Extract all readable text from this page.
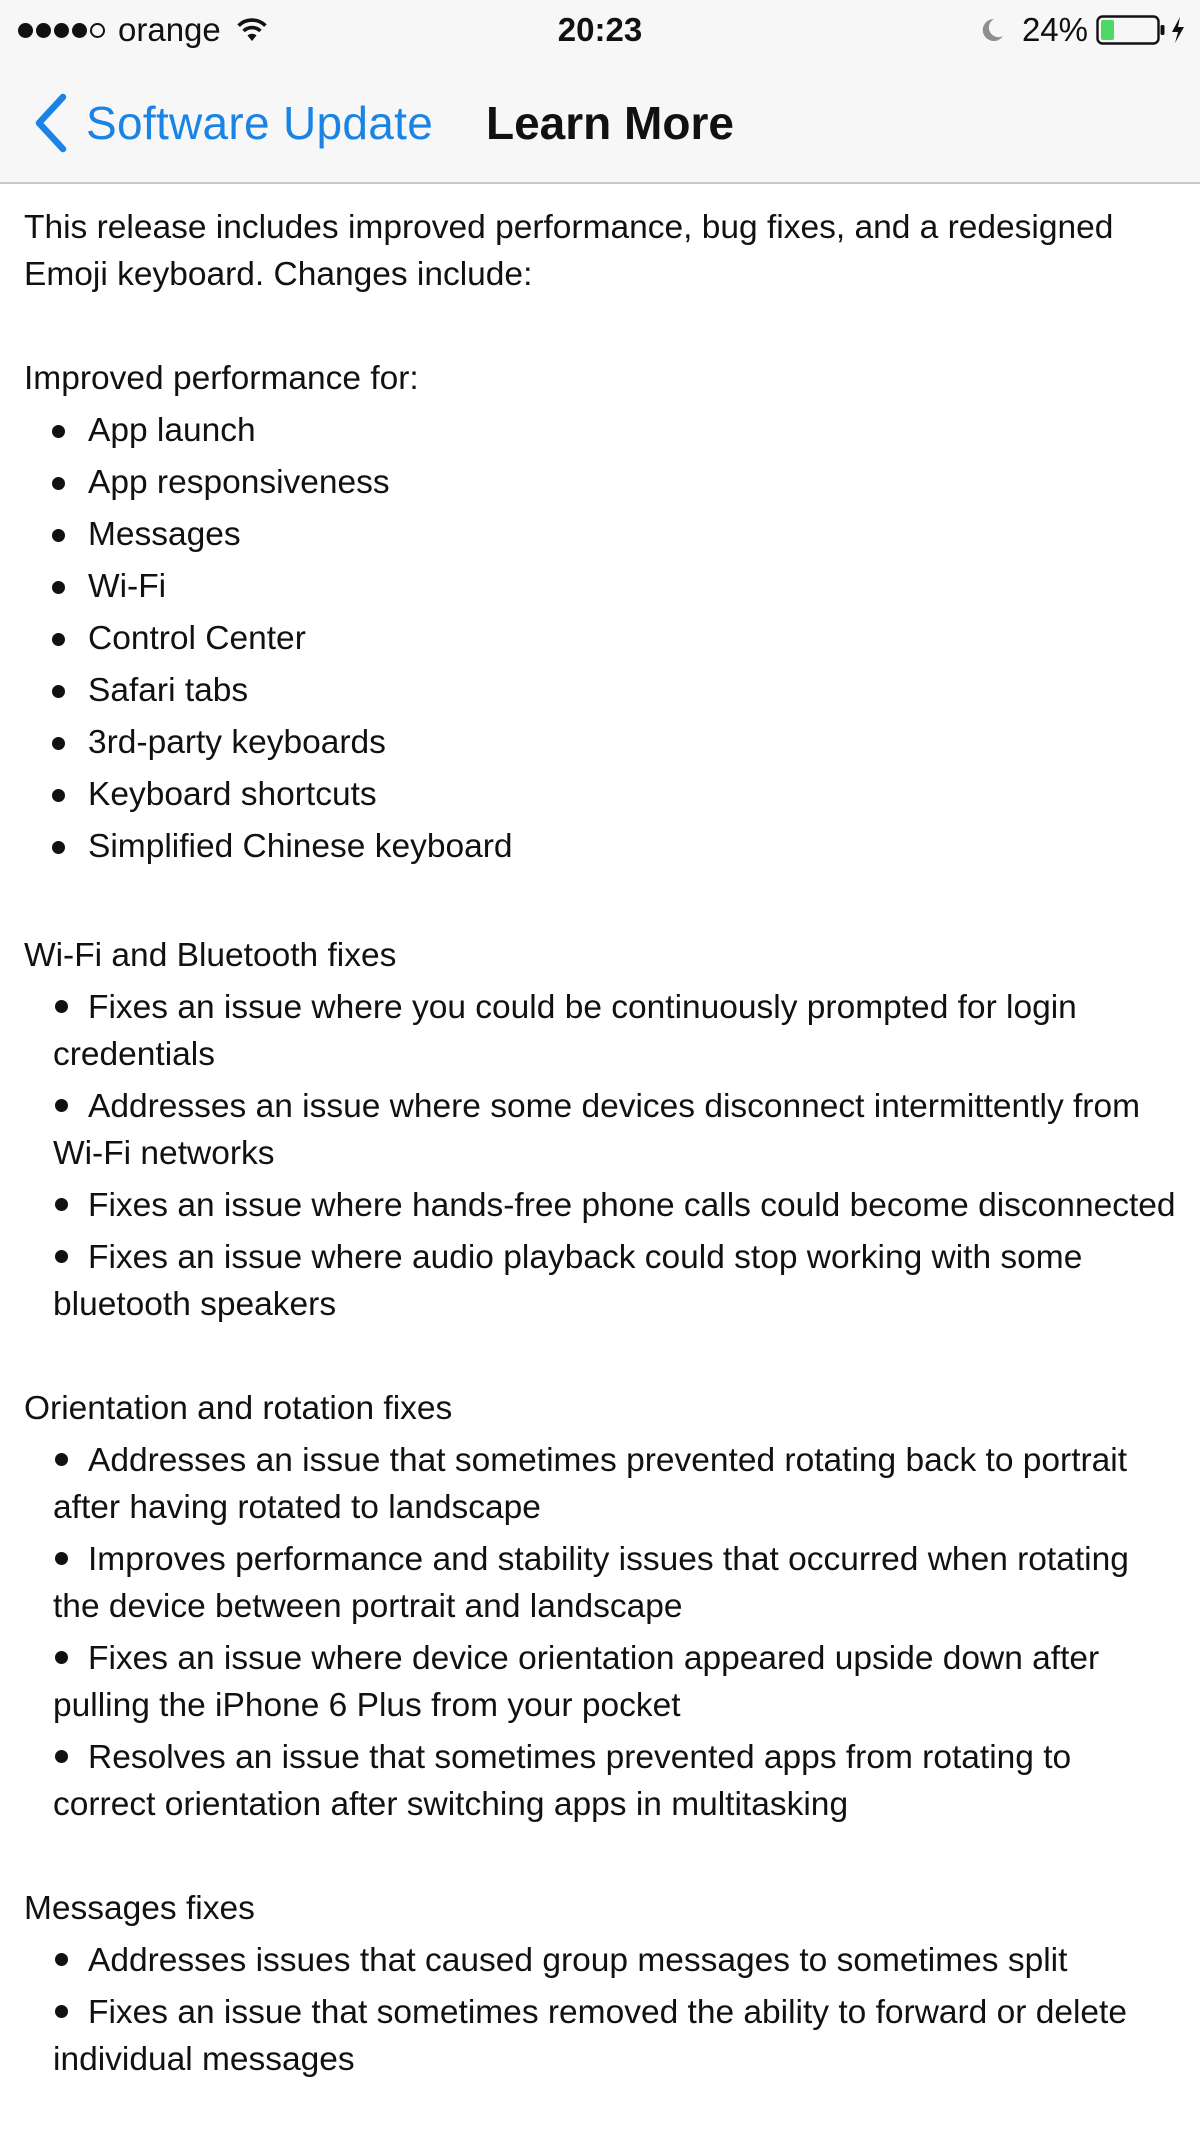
orange	20:23	24%
Software Update Learn More

This release includes improved performance, bug fixes, and a redesigned Emoji keyboard. Changes include:

Improved performance for:
App launch
App responsiveness
Messages
Wi-Fi
Control Center
Safari tabs
3rd-party keyboards
Keyboard shortcuts
Simplified Chinese keyboard
Wi-Fi and Bluetooth fixes
Fixes an issue where you could be continuously prompted for login credentials
Addresses an issue where some devices disconnect intermittently from Wi-Fi networks
Fixes an issue where hands-free phone calls could become disconnected
Fixes an issue where audio playback could stop working with some bluetooth speakers
Orientation and rotation fixes
Addresses an issue that sometimes prevented rotating back to portrait after having rotated to landscape
Improves performance and stability issues that occurred when rotating the device between portrait and landscape
Fixes an issue where device orientation appeared upside down after pulling the iPhone 6 Plus from your pocket
Resolves an issue that sometimes prevented apps from rotating to correct orientation after switching apps in multitasking
Messages fixes
Addresses issues that caused group messages to sometimes split
Fixes an issue that sometimes removed the ability to forward or delete individual messages
